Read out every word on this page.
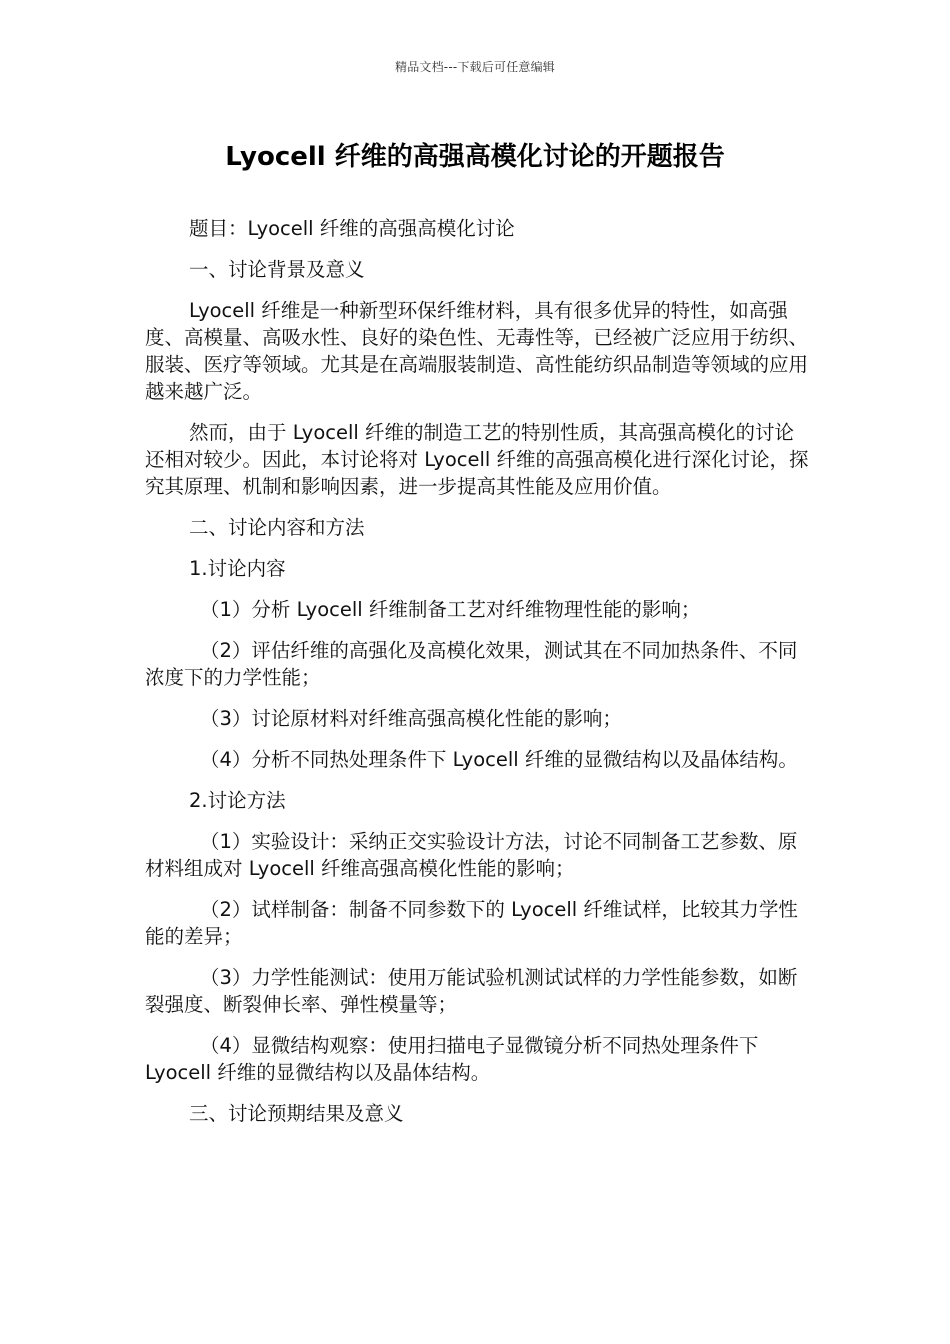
精品文档---下载后可任意编辑
Lyocell 纤维的高强高模化讨论的开题报告

题目：Lyocell 纤维的高强高模化讨论

一、讨论背景及意义

Lyocell 纤维是一种新型环保纤维材料，具有很多优异的特性，如高强度、高模量、高吸水性、良好的染色性、无毒性等，已经被广泛应用于纺织、服装、医疗等领域。尤其是在高端服装制造、高性能纺织品制造等领域的应用越来越广泛。

然而，由于 Lyocell 纤维的制造工艺的特别性质，其高强高模化的讨论还相对较少。因此，本讨论将对 Lyocell 纤维的高强高模化进行深化讨论，探究其原理、机制和影响因素，进一步提高其性能及应用价值。

二、讨论内容和方法

1.讨论内容

（1）分析 Lyocell 纤维制备工艺对纤维物理性能的影响；

（2）评估纤维的高强化及高模化效果，测试其在不同加热条件、不同浓度下的力学性能；

（3）讨论原材料对纤维高强高模化性能的影响；

（4）分析不同热处理条件下 Lyocell 纤维的显微结构以及晶体结构。

2.讨论方法

（1）实验设计：采纳正交实验设计方法，讨论不同制备工艺参数、原材料组成对 Lyocell 纤维高强高模化性能的影响；

（2）试样制备：制备不同参数下的 Lyocell 纤维试样，比较其力学性能的差异；

（3）力学性能测试：使用万能试验机测试试样的力学性能参数，如断裂强度、断裂伸长率、弹性模量等；

（4）显微结构观察：使用扫描电子显微镜分析不同热处理条件下 Lyocell 纤维的显微结构以及晶体结构。

三、讨论预期结果及意义
